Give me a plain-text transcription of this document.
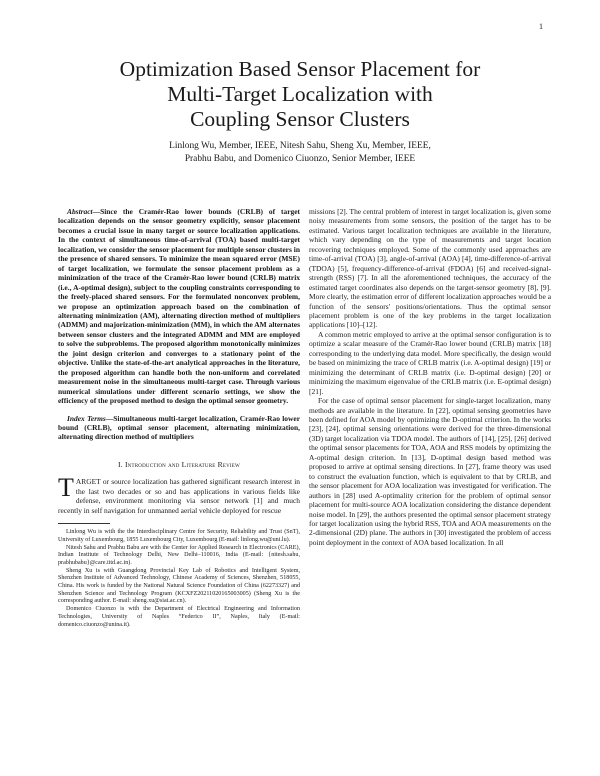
1
Optimization Based Sensor Placement for
Multi-Target Localization with
Coupling Sensor Clusters
Linlong Wu, Member, IEEE, Nitesh Sahu, Sheng Xu, Member, IEEE,
Prabhu Babu, and Domenico Ciuonzo, Senior Member, IEEE

Abstract—Since the Cramér-Rao lower bounds (CRLB) of target localization depends on the sensor geometry explicitly, sensor placement becomes a crucial issue in many target or source localization applications. In the context of simultaneous time-of-arrival (TOA) based multi-target localization, we consider the sensor placement for multiple sensor clusters in the presence of shared sensors. To minimize the mean squared error (MSE) of target localization, we formulate the sensor placement problem as a minimization of the trace of the Cramér-Rao lower bound (CRLB) matrix (i.e., A-optimal design), subject to the coupling constraints corresponding to the freely-placed shared sensors. For the formulated nonconvex problem, we propose an optimization approach based on the combination of alternating minimization (AM), alternating direction method of multipliers (ADMM) and majorization-minimization (MM), in which the AM alternates between sensor clusters and the integrated ADMM and MM are employed to solve the subproblems. The proposed algorithm monotonically minimizes the joint design criterion and converges to a stationary point of the objective. Unlike the state-of-the-art analytical approaches in the literature, the proposed algorithm can handle both the non-uniform and correlated measurement noise in the simultaneous multi-target case. Through various numerical simulations under different scenario settings, we show the efficiency of the proposed method to design the optimal sensor geometry.

Index Terms—Simultaneous multi-target localization, Cramér-Rao lower bound (CRLB), optimal sensor placement, alternating minimization, alternating direction method of multipliers

I. Introduction and Literature Review

TARGET or source localization has gathered significant research interest in the last two decades or so and has applications in various fields like defense, environment monitoring via sensor network [1] and much recently in self navigation for unmanned aerial vehicle deployed for rescue

Linlong Wu is with the the Interdisciplinary Centre for Security, Reliability and Trust (SnT), University of Luxembourg, 1855 Luxembourg City, Luxembourg (E-mail: linlong.wu@uni.lu).

Nitesh Sahu and Prabhu Babu are with the Center for Applied Research in Electronics (CARE), Indian Institute of Technology Delhi, New Delhi–110016, India (E-mail: {nitesh.sahu, prabhubabu}@care.iitd.ac.in).

Sheng Xu is with Guangdong Provincial Key Lab of Robotics and Intelligent System, Shenzhen Institute of Advanced Technology, Chinese Academy of Sciences, Shenzhen, 518055, China. His work is funded by the National Natural Science Foundation of China (62273327) and Shenzhen Science and Technology Program (KCXFZ20211020165003005) (Sheng Xu is the corresponding author. E-mail: sheng.xu@siat.ac.cn).

Domenico Ciuonzo is with the Department of Electrical Engineering and Information Technologies, University of Naples “Federico II”, Naples, Italy (E-mail: domenico.ciuonzo@unina.it).

missions [2]. The central problem of interest in target localization is, given some noisy measurements from some sensors, the position of the target has to be estimated. Various target localization techniques are available in the literature, which vary depending on the type of measurements and target location recovering techniques employed. Some of the commonly used approaches are time-of-arrival (TOA) [3], angle-of-arrival (AOA) [4], time-difference-of-arrival (TDOA) [5], frequency-difference-of-arrival (FDOA) [6] and received-signal-strength (RSS) [7]. In all the aforementioned techniques, the accuracy of the estimated target coordinates also depends on the target-sensor geometry [8], [9]. More clearly, the estimation error of different localization approaches would be a function of the sensors' positions/orientations. Thus the optimal sensor placement problem is one of the key problems in the target localization applications [10]–[12].

A common metric employed to arrive at the optimal sensor configuration is to optimize a scalar measure of the Cramér-Rao lower bound (CRLB) matrix [18] corresponding to the underlying data model. More specifically, the design would be based on minimizing the trace of CRLB matrix (i.e. A-optimal design) [19] or minimizing the determinant of CRLB matrix (i.e. D-optimal design) [20] or minimizing the maximum eigenvalue of the CRLB matrix (i.e. E-optimal design) [21].

For the case of optimal sensor placement for single-target localization, many methods are available in the literature. In [22], optimal sensing geometries have been defined for AOA model by optimizing the D-optimal criterion. In the works [23], [24], optimal sensing orientations were derived for the three-dimensional (3D) target localization via TDOA model. The authors of [14], [25], [26] derived the optimal sensor placements for TOA, AOA and RSS models by optimizing the A-optimal design criterion. In [13], D-optimal design based method was proposed to arrive at optimal sensing directions. In [27], frame theory was used to construct the evaluation function, which is equivalent to that by CRLB, and the sensor placement for AOA localization was investigated for verification. The authors in [28] used A-optimality criterion for the problem of optimal sensor placement for multi-source AOA localization considering the distance dependent noise model. In [29], the authors presented the optimal sensor placement strategy for target localization using the hybrid RSS, TOA and AOA measurements on the 2-dimensional (2D) plane. The authors in [30] investigated the problem of access point deployment in the context of AOA based localization. In all
